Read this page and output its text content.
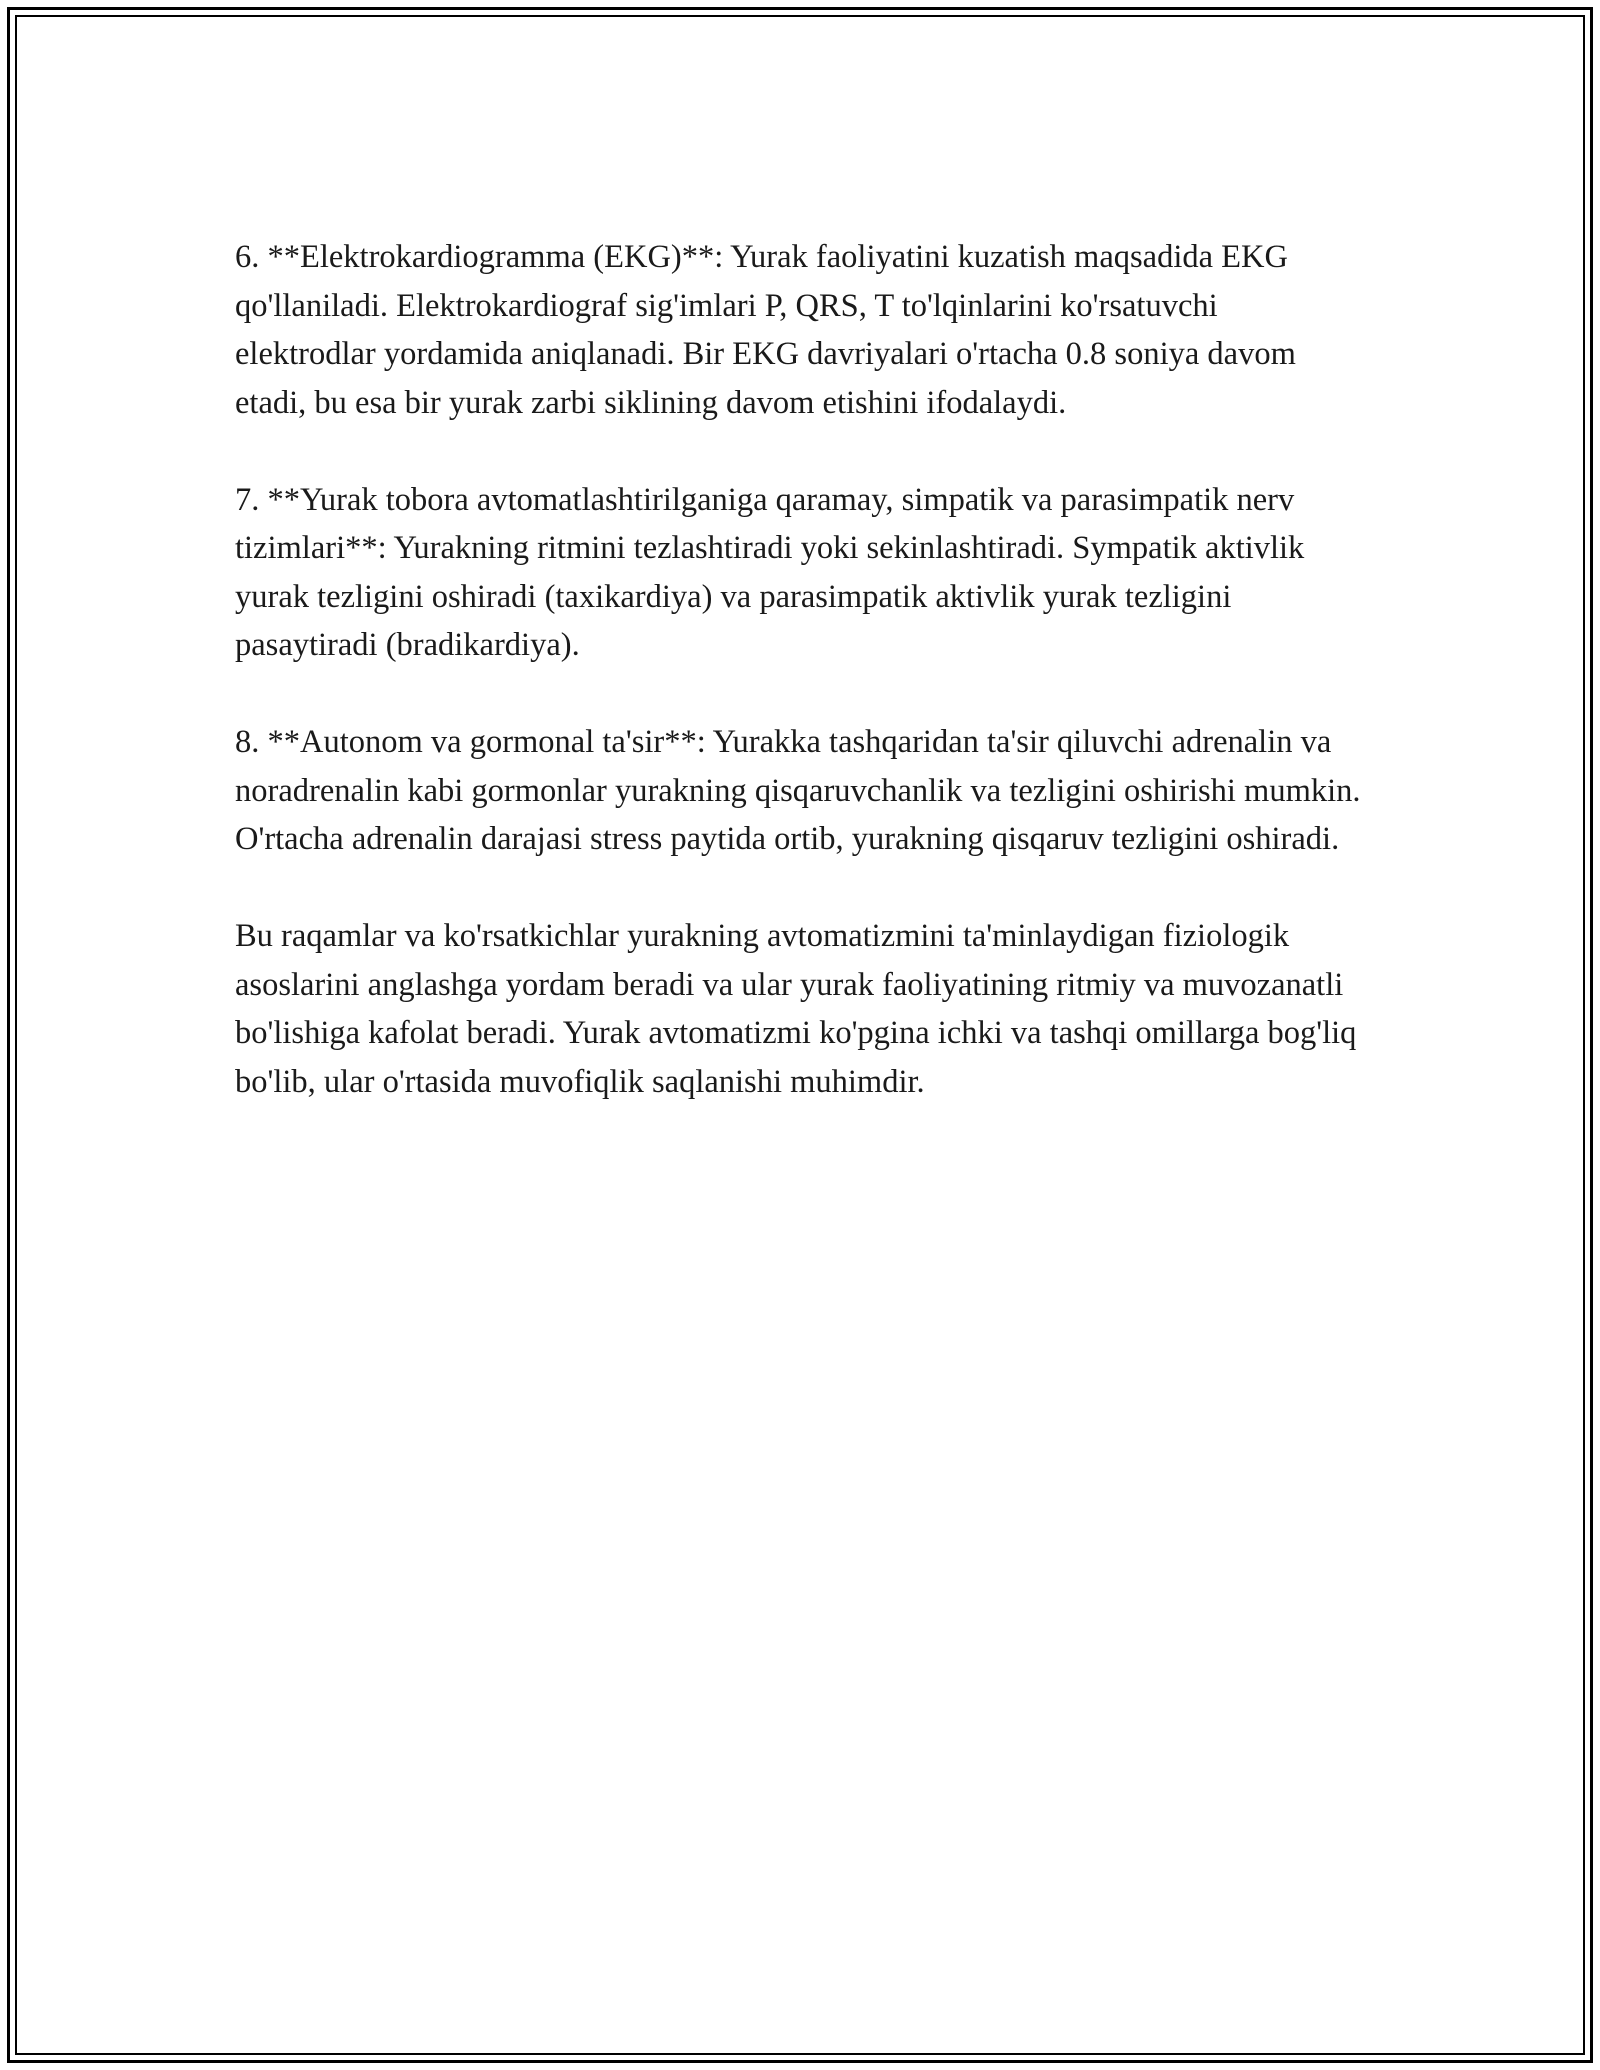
6. **Elektrokardiogramma (EKG)**: Yurak faoliyatini kuzatish maqsadida EKG qo'llaniladi. Elektrokardiograf sig'imlari P, QRS, T to'lqinlarini ko'rsatuvchi elektrodlar yordamida aniqlanadi. Bir EKG davriyalari o'rtacha 0.8 soniya davom etadi, bu esa bir yurak zarbi siklining davom etishini ifodalaydi.

7. **Yurak tobora avtomatlashtirilganiga qaramay, simpatik va parasimpatik nerv tizimlari**: Yurakning ritmini tezlashtiradi yoki sekinlashtiradi. Sympatik aktivlik yurak tezligini oshiradi (taxikardiya) va parasimpatik aktivlik yurak tezligini pasaytiradi (bradikardiya).

8. **Autonom va gormonal ta'sir**: Yurakka tashqaridan ta'sir qiluvchi adrenalin va noradrenalin kabi gormonlar yurakning qisqaruvchanlik va tezligini oshirishi mumkin. O'rtacha adrenalin darajasi stress paytida ortib, yurakning qisqaruv tezligini oshiradi.

Bu raqamlar va ko'rsatkichlar yurakning avtomatizmini ta'minlaydigan fiziologik asoslarini anglashga yordam beradi va ular yurak faoliyatining ritmiy va muvozanatli bo'lishiga kafolat beradi. Yurak avtomatizmi ko'pgina ichki va tashqi omillarga bog'liq bo'lib, ular o'rtasida muvofiqlik saqlanishi muhimdir.
